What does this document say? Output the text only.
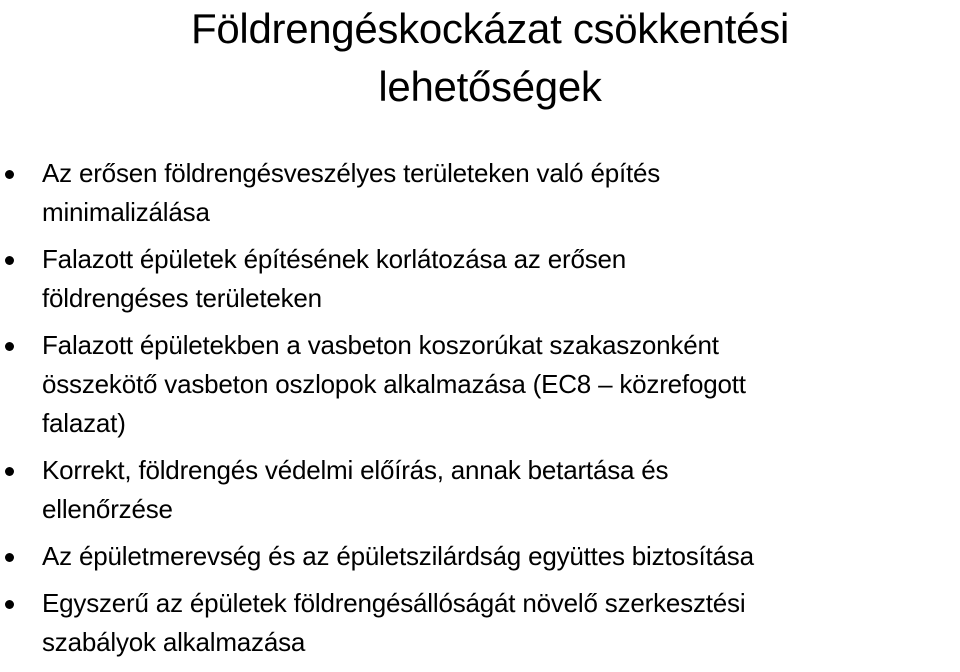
Földrengéskockázat csökkentési
lehetőségek
Az erősen földrengésveszélyes területeken való építés
minimalizálása
Falazott épületek építésének korlátozása az erősen
földrengéses területeken
Falazott épületekben a vasbeton koszorúkat szakaszonként
összekötő vasbeton oszlopok alkalmazása (EC8 – közrefogott
falazat)
Korrekt, földrengés védelmi előírás, annak betartása és
ellenőrzése
Az épületmerevség és az épületszilárdság együttes biztosítása
Egyszerű az épületek földrengésállóságát növelő szerkesztési
szabályok alkalmazása
